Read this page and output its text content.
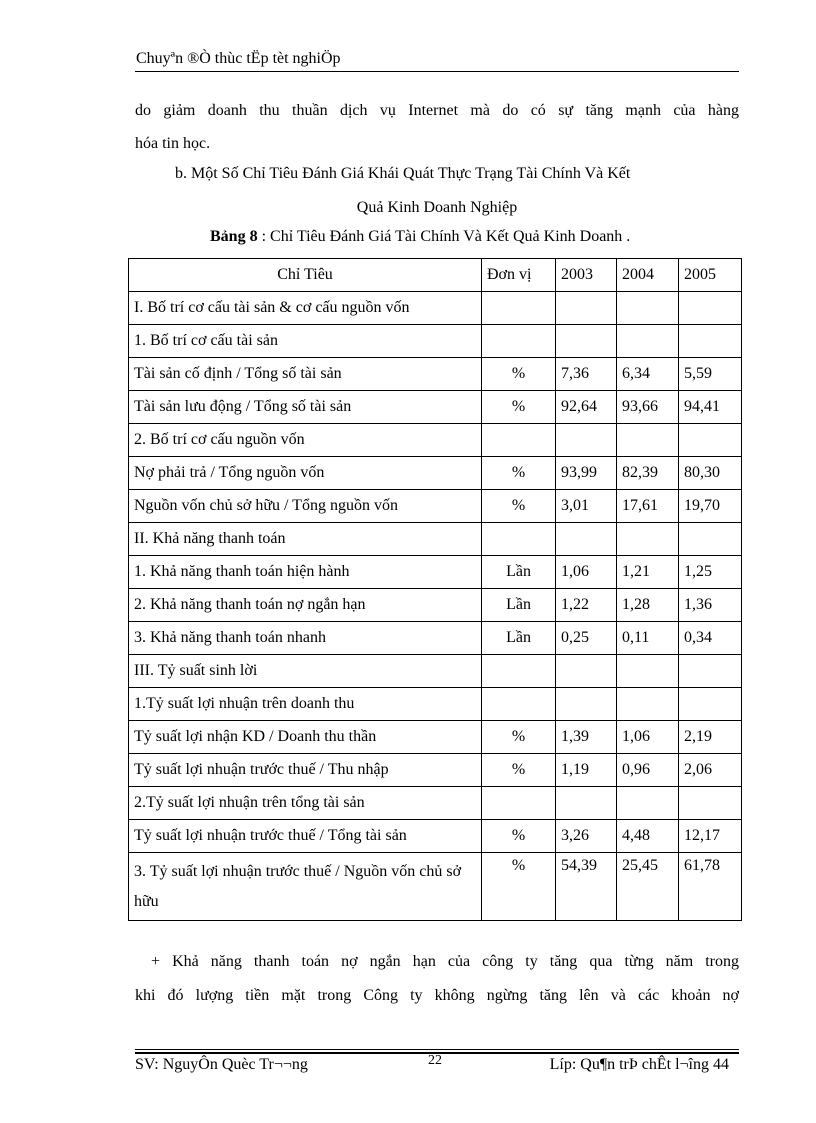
Chuyªn ®Ò thùc tËp tèt nghiÖp
do giảm doanh thu thuần dịch vụ Internet mà do có sự tăng mạnh của hàng
hóa tin học.
b. Một Số Chỉ Tiêu Đánh Giá Khái Quát Thực Trạng Tài Chính Và Kết
Quả Kinh Doanh Nghiệp
Bảng 8 : Chỉ Tiêu Đánh Giá Tài Chính Và Kết Quả Kinh Doanh .
Chỉ Tiêu	Đơn vị	2003	2004	2005
I. Bố trí cơ cấu tài sản & cơ cấu nguồn vốn				
1. Bố trí cơ cấu tài sản				
Tài sản cố định / Tổng số tài sản	%	7,36	6,34	5,59
Tài sản lưu động / Tổng số tài sản	%	92,64	93,66	94,41
2. Bố trí cơ cấu nguồn vốn				
Nợ phải trả / Tổng nguồn vốn	%	93,99	82,39	80,30
Nguồn vốn chủ sở hữu / Tổng nguồn vốn	%	3,01	17,61	19,70
II. Khả năng thanh toán				
1. Khả năng thanh toán hiện hành	Lần	1,06	1,21	1,25
2. Khả năng thanh toán nợ ngắn hạn	Lần	1,22	1,28	1,36
3. Khả năng thanh toán nhanh	Lần	0,25	0,11	0,34
III. Tỷ suất sinh lời				
1.Tỷ suất lợi nhuận trên doanh thu				
Tỷ suất lợi nhận KD / Doanh thu thần	%	1,39	1,06	2,19
Tỷ suất lợi nhuận trước thuế / Thu nhập	%	1,19	0,96	2,06
2.Tỷ suất lợi nhuận trên tổng tài sản				
Tỷ suất lợi nhuận trước thuế / Tổng tài sản	%	3,26	4,48	12,17
3. Tỷ suất lợi nhuận trước thuế / Nguồn vốn chủ sở hữu	%	54,39	25,45	61,78
+ Khả năng thanh toán nợ ngắn hạn của công ty tăng qua từng năm trong
khi đó lượng tiền mặt trong Công ty không ngừng tăng lên và các khoản nợ
SV: NguyÔn Quèc Tr¬¬ng	22	Líp: Qu¶n trÞ chÊt l¬îng 44
